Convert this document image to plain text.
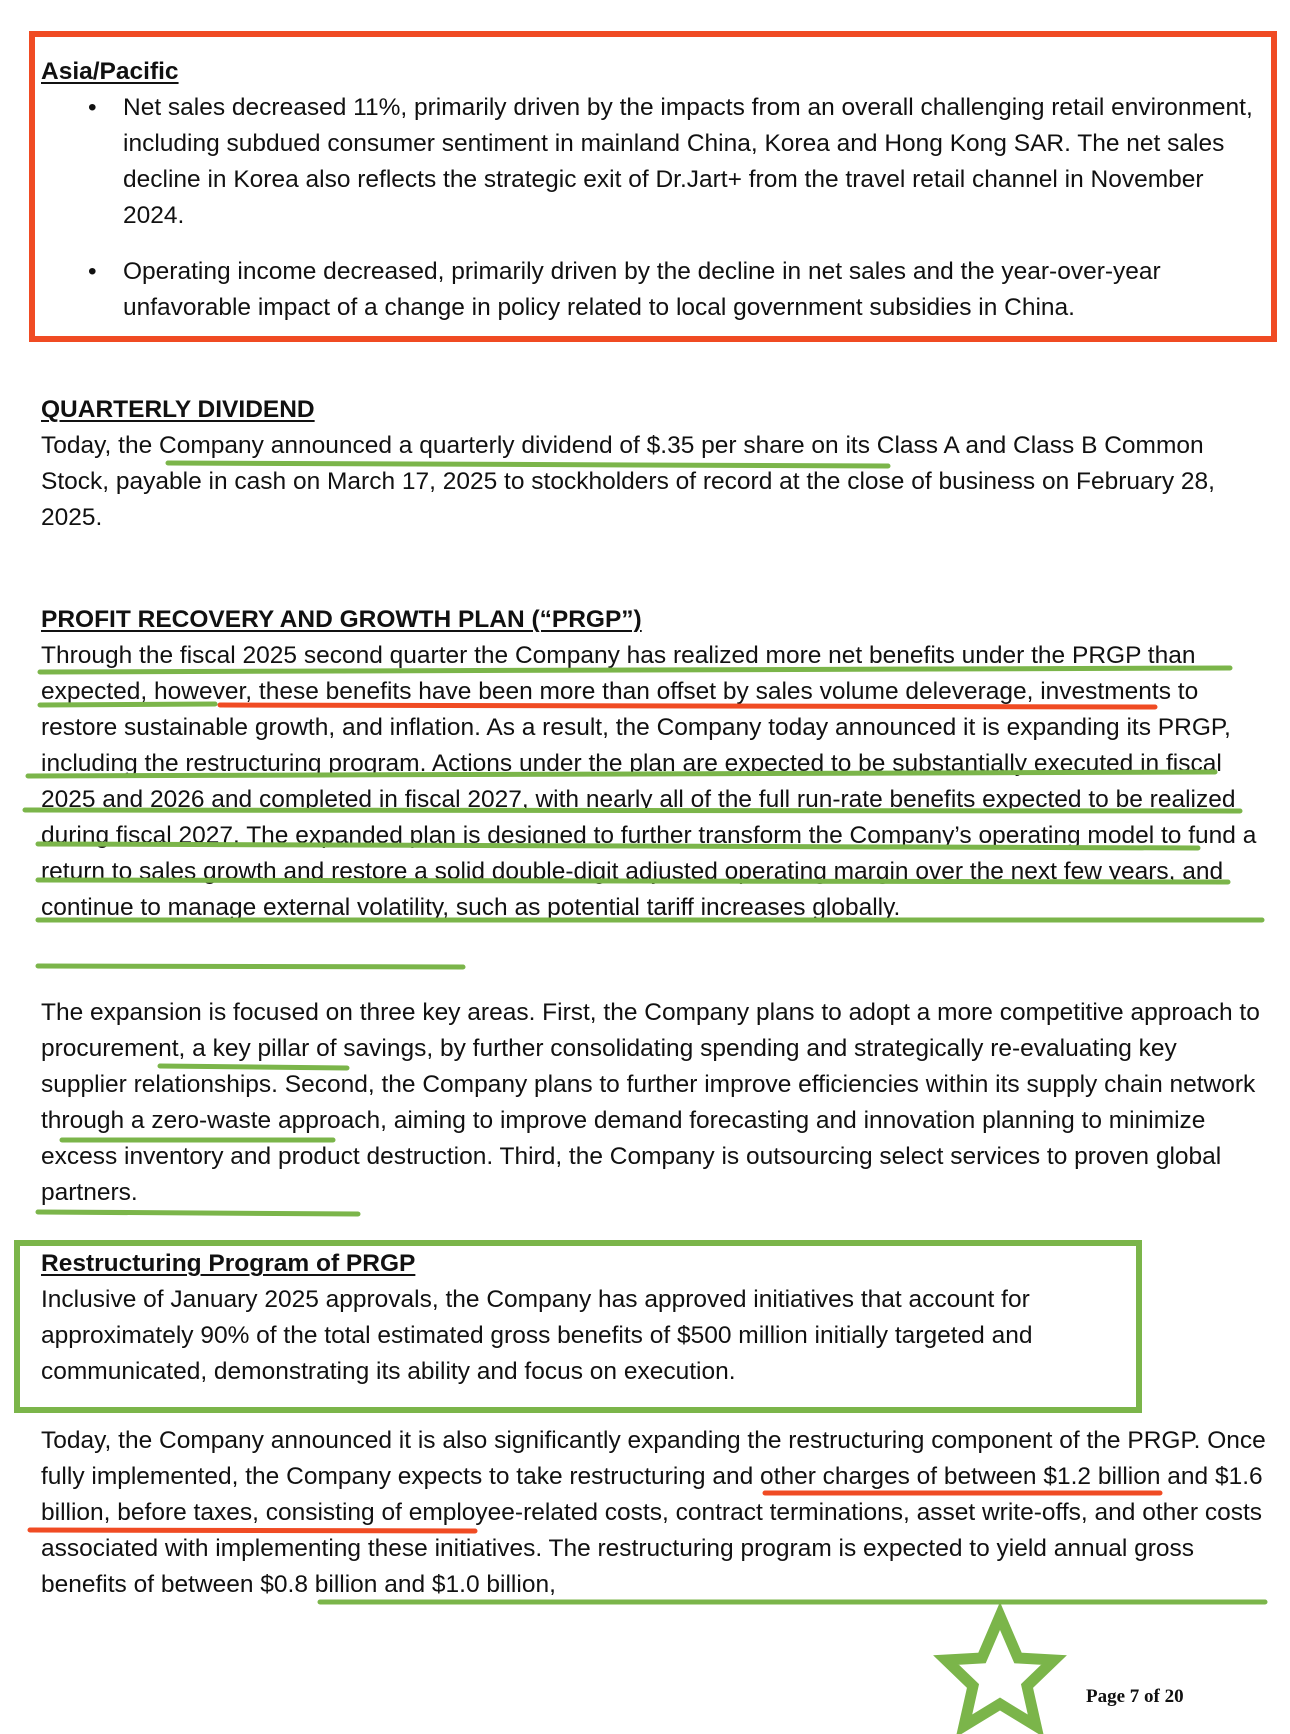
Asia/Pacific

• Net sales decreased 11%, primarily driven by the impacts from an overall challenging retail environment, including subdued consumer sentiment in mainland China, Korea and Hong Kong SAR. The net sales decline in Korea also reflects the strategic exit of Dr.Jart+ from the travel retail channel in November 2024.
• Operating income decreased, primarily driven by the decline in net sales and the year-over-year unfavorable impact of a change in policy related to local government subsidies in China.

QUARTERLY DIVIDEND

Today, the Company announced a quarterly dividend of $.35 per share on its Class A and Class B Common Stock, payable in cash on March 17, 2025 to stockholders of record at the close of business on February 28, 2025.

PROFIT RECOVERY AND GROWTH PLAN (“PRGP”)

Through the fiscal 2025 second quarter the Company has realized more net benefits under the PRGP than expected, however, these benefits have been more than offset by sales volume deleverage, investments to restore sustainable growth, and inflation. As a result, the Company today announced it is expanding its PRGP, including the restructuring program. Actions under the plan are expected to be substantially executed in fiscal 2025 and 2026 and completed in fiscal 2027, with nearly all of the full run-rate benefits expected to be realized during fiscal 2027. The expanded plan is designed to further transform the Company’s operating model to fund a return to sales growth and restore a solid double-digit adjusted operating margin over the next few years, and continue to manage external volatility, such as potential tariff increases globally.

The expansion is focused on three key areas. First, the Company plans to adopt a more competitive approach to procurement, a key pillar of savings, by further consolidating spending and strategically re-evaluating key supplier relationships. Second, the Company plans to further improve efficiencies within its supply chain network through a zero-waste approach, aiming to improve demand forecasting and innovation planning to minimize excess inventory and product destruction. Third, the Company is outsourcing select services to proven global partners.

Restructuring Program of PRGP

Inclusive of January 2025 approvals, the Company has approved initiatives that account for approximately 90% of the total estimated gross benefits of $500 million initially targeted and communicated, demonstrating its ability and focus on execution.

Today, the Company announced it is also significantly expanding the restructuring component of the PRGP. Once fully implemented, the Company expects to take restructuring and other charges of between $1.2 billion and $1.6 billion, before taxes, consisting of employee-related costs, contract terminations, asset write-offs, and other costs associated with implementing these initiatives. The restructuring program is expected to yield annual gross benefits of between $0.8 billion and $1.0 billion,

Page 7 of 20
